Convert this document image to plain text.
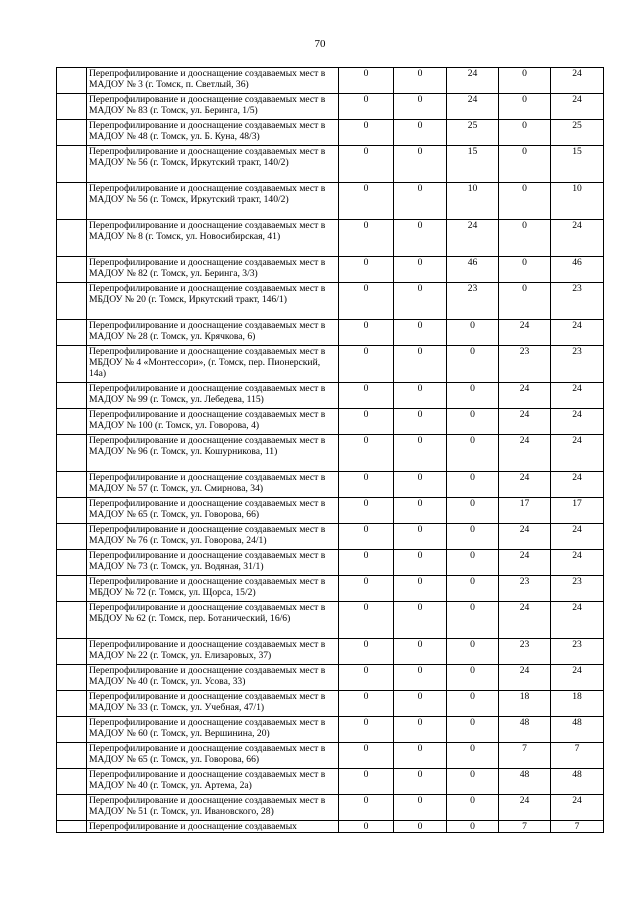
70
	Перепрофилирование и дооснащение создаваемых мест в МАДОУ № 3 (г. Томск, п. Светлый, 36)	0	0	24	0	24
	Перепрофилирование и дооснащение создаваемых мест в МАДОУ № 83 (г. Томск, ул. Беринга, 1/5)	0	0	24	0	24
	Перепрофилирование и дооснащение создаваемых мест в МАДОУ № 48 (г. Томск, ул. Б. Куна, 48/3)	0	0	25	0	25
	Перепрофилирование и дооснащение создаваемых мест в МАДОУ № 56 (г. Томск, Иркутский тракт, 140/2)	0	0	15	0	15
	Перепрофилирование и дооснащение создаваемых мест в МАДОУ № 56 (г. Томск, Иркутский тракт, 140/2)	0	0	10	0	10
	Перепрофилирование и дооснащение создаваемых мест в МАДОУ № 8 (г. Томск, ул. Новосибирская, 41)	0	0	24	0	24
	Перепрофилирование и дооснащение создаваемых мест в МАДОУ № 82 (г. Томск, ул. Беринга, 3/3)	0	0	46	0	46
	Перепрофилирование и дооснащение создаваемых мест в МБДОУ № 20 (г. Томск, Иркутский тракт, 146/1)	0	0	23	0	23
	Перепрофилирование и дооснащение создаваемых мест в МАДОУ № 28 (г. Томск, ул. Крячкова, 6)	0	0	0	24	24
	Перепрофилирование и дооснащение создаваемых мест в МБДОУ № 4 «Монтессори», (г. Томск, пер. Пионерский, 14а)	0	0	0	23	23
	Перепрофилирование и дооснащение создаваемых мест в МАДОУ № 99 (г. Томск, ул. Лебедева, 115)	0	0	0	24	24
	Перепрофилирование и дооснащение создаваемых мест в МАДОУ № 100 (г. Томск, ул. Говорова, 4)	0	0	0	24	24
	Перепрофилирование и дооснащение создаваемых мест в МАДОУ № 96 (г. Томск, ул. Кошурникова, 11)	0	0	0	24	24
	Перепрофилирование и дооснащение создаваемых мест в МАДОУ № 57 (г. Томск, ул. Смирнова, 34)	0	0	0	24	24
	Перепрофилирование и дооснащение создаваемых мест в МАДОУ № 65 (г. Томск, ул. Говорова, 66)	0	0	0	17	17
	Перепрофилирование и дооснащение создаваемых мест в МАДОУ № 76 (г. Томск, ул. Говорова, 24/1)	0	0	0	24	24
	Перепрофилирование и дооснащение создаваемых мест в МАДОУ № 73 (г. Томск, ул. Водяная, 31/1)	0	0	0	24	24
	Перепрофилирование и дооснащение создаваемых мест в МБДОУ № 72 (г. Томск, ул. Щорса, 15/2)	0	0	0	23	23
	Перепрофилирование и дооснащение создаваемых мест в МБДОУ № 62 (г. Томск, пер. Ботанический, 16/6)	0	0	0	24	24
	Перепрофилирование и дооснащение создаваемых мест в МАДОУ № 22 (г. Томск, ул. Елизаровых, 37)	0	0	0	23	23
	Перепрофилирование и дооснащение создаваемых мест в МАДОУ № 40 (г. Томск, ул. Усова, 33)	0	0	0	24	24
	Перепрофилирование и дооснащение создаваемых мест в МАДОУ № 33 (г. Томск, ул. Учебная, 47/1)	0	0	0	18	18
	Перепрофилирование и дооснащение создаваемых мест в МАДОУ № 60 (г. Томск, ул. Вершинина, 20)	0	0	0	48	48
	Перепрофилирование и дооснащение создаваемых мест в МАДОУ № 65 (г. Томск, ул. Говорова, 66)	0	0	0	7	7
	Перепрофилирование и дооснащение создаваемых мест в МАДОУ № 40 (г. Томск, ул. Артема, 2а)	0	0	0	48	48
	Перепрофилирование и дооснащение создаваемых мест в МАДОУ № 51 (г. Томск, ул. Ивановского, 28)	0	0	0	24	24
	Перепрофилирование и дооснащение создаваемых	0	0	0	7	7
